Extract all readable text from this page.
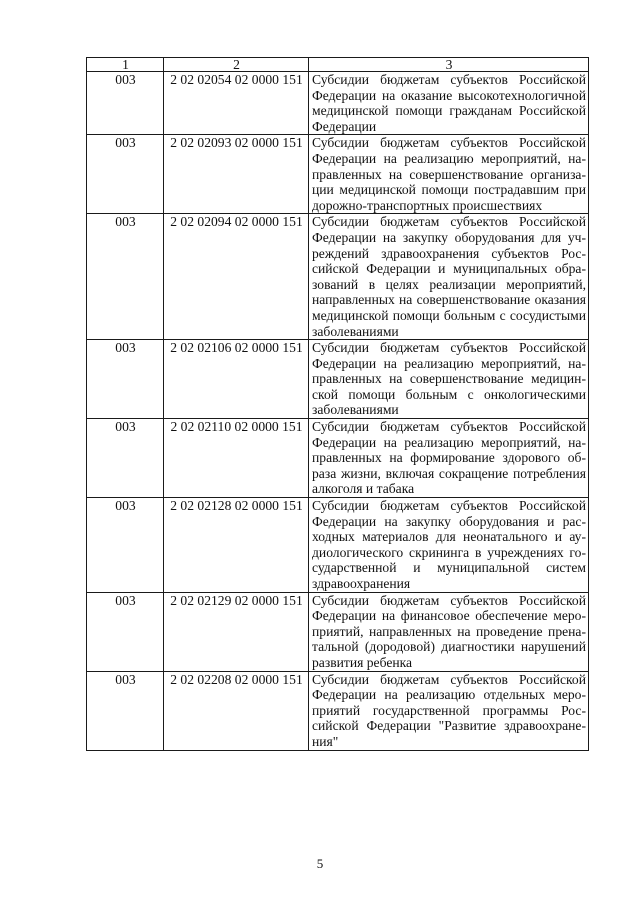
1	2	3
003	2 02 02054 02 0000 151	Субсидии бюджетам субъектов Российской Федерации на оказание высокотехнологичной медицинской помощи гражданам Российской Федерации
003	2 02 02093 02 0000 151	Субсидии бюджетам субъектов Российской Федерации на реализацию мероприятий, направленных на совершенствование организации медицинской помощи пострадавшим при дорожно-транспортных происшествиях
003	2 02 02094 02 0000 151	Субсидии бюджетам субъектов Российской Федерации на закупку оборудования для учреждений здравоохранения субъектов Российской Федерации и муниципальных образований в целях реализации мероприятий, направленных на совершенствование оказания медицинской помощи больным с сосудистыми заболеваниями
003	2 02 02106 02 0000 151	Субсидии бюджетам субъектов Российской Федерации на реализацию мероприятий, направленных на совершенствование медицинской помощи больным с онкологическими заболеваниями
003	2 02 02110 02 0000 151	Субсидии бюджетам субъектов Российской Федерации на реализацию мероприятий, направленных на формирование здорового образа жизни, включая сокращение потребления алкоголя и табака
003	2 02 02128 02 0000 151	Субсидии бюджетам субъектов Российской Федерации на закупку оборудования и расходных материалов для неонатального и аудиологического скрининга в учреждениях государственной и муниципальной систем здравоохранения
003	2 02 02129 02 0000 151	Субсидии бюджетам субъектов Российской Федерации на финансовое обеспечение мероприятий, направленных на проведение пренатальной (дородовой) диагностики нарушений развития ребенка
003	2 02 02208 02 0000 151	Субсидии бюджетам субъектов Российской Федерации на реализацию отдельных мероприятий государственной программы Российской Федерации "Развитие здравоохранения"
5
